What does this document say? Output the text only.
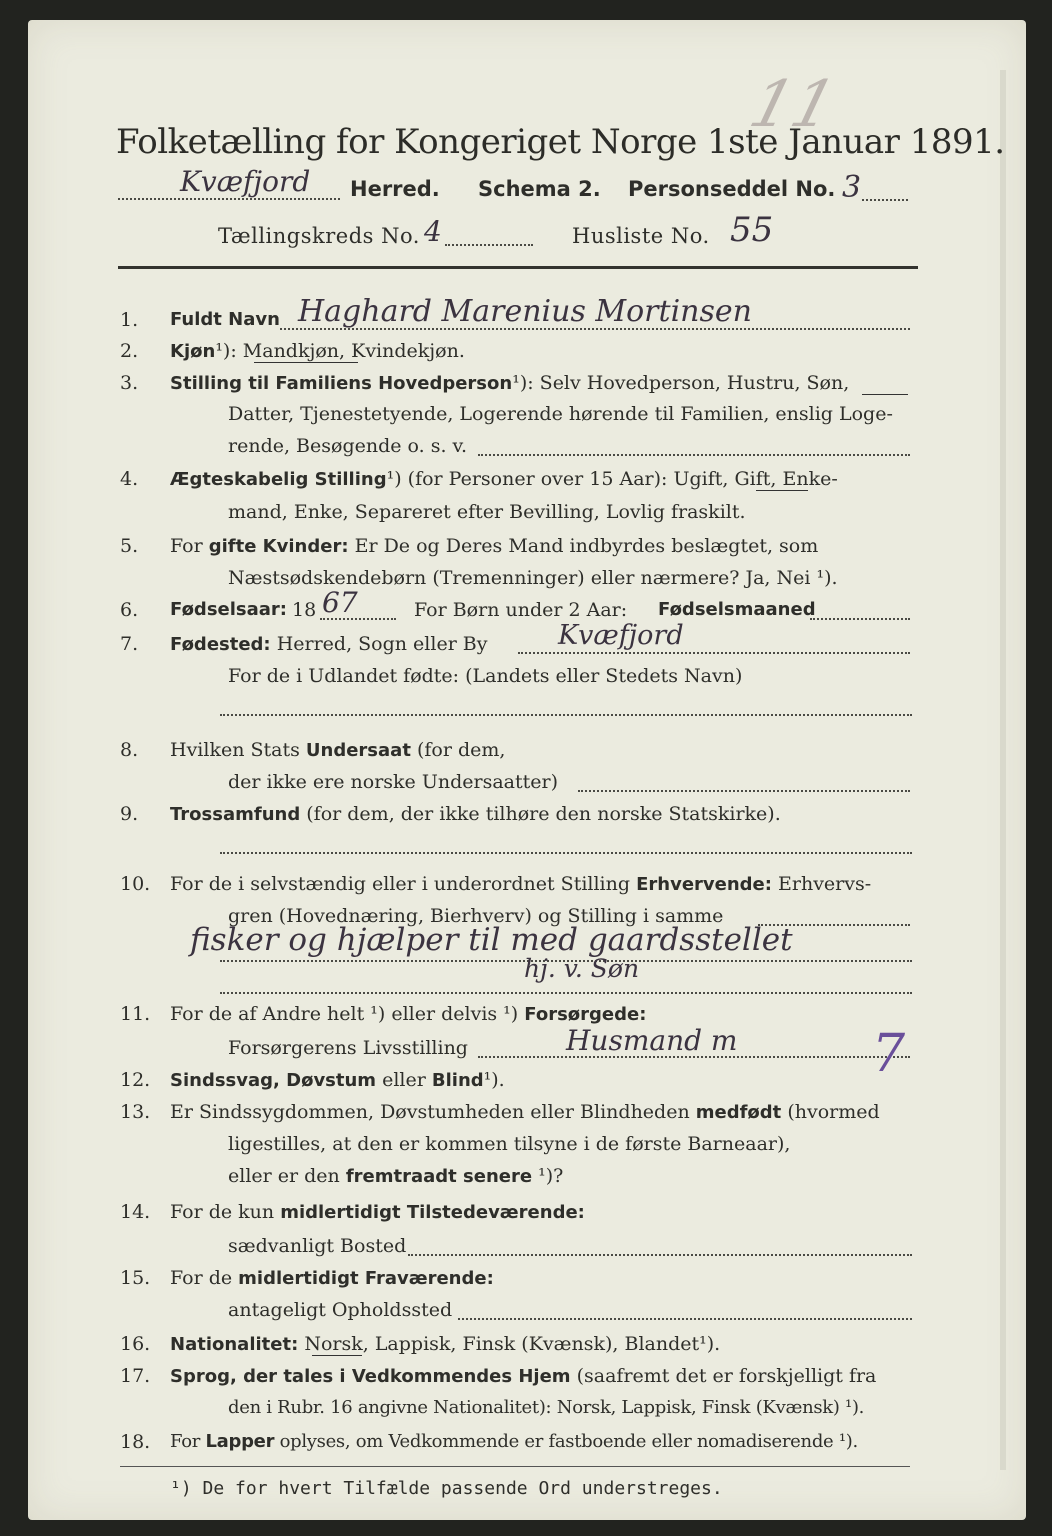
11
Folketælling for Kongeriget Norge 1ste Januar 1891.
Kvæfjord Herred. Schema 2. Personseddel No. 3
Tællingskreds No. 4	Husliste No. 55
1. Fuldt Navn Haghard Marenius Mortinsen
2. Kjøn¹): Mandkjøn, Kvindekjøn.
3. Stilling til Familiens Hovedperson¹): Selv Hovedperson, Hustru, Søn,
Datter, Tjenestetyende, Logerende hørende til Familien, enslig Loge-
rende, Besøgende o. s. v.
4. Ægteskabelig Stilling¹) (for Personer over 15 Aar): Ugift, Gift, Enke-
mand, Enke, Separeret efter Bevilling, Lovlig fraskilt.
5. For gifte Kvinder: Er De og Deres Mand indbyrdes beslægtet, som
Næstsødskendebørn (Tremenninger) eller nærmere? Ja, Nei ¹).
6. Fødselsaar: 18 67	For Børn under 2 Aar: Fødselsmaaned
7. Fødested: Herred, Sogn eller By	Kvæfjord
For de i Udlandet fødte: (Landets eller Stedets Navn)
8. Hvilken Stats Undersaat (for dem,
der ikke ere norske Undersaatter)
9. Trossamfund (for dem, der ikke tilhøre den norske Statskirke).
10. For de i selvstændig eller i underordnet Stilling Erhvervende: Erhvervs-
gren (Hovednæring, Bierhverv) og Stilling i samme
fisker og hjælper til med gaardsstellet
hj. v. Søn
11. For de af Andre helt ¹) eller delvis ¹) Forsørgede:
Forsørgerens Livsstilling	Husmand m	7
12. Sindssvag, Døvstum eller Blind¹).
13. Er Sindssygdommen, Døvstumheden eller Blindheden medfødt (hvormed
ligestilles, at den er kommen tilsyne i de første Barneaar),
eller er den fremtraadt senere ¹)?
14. For de kun midlertidigt Tilstedeværende:
sædvanligt Bosted
15. For de midlertidigt Fraværende:
antageligt Opholdssted
16. Nationalitet: Norsk, Lappisk, Finsk (Kvænsk), Blandet¹).
17. Sprog, der tales i Vedkommendes Hjem (saafremt det er forskjelligt fra
den i Rubr. 16 angivne Nationalitet): Norsk, Lappisk, Finsk (Kvænsk) ¹).
18. For Lapper oplyses, om Vedkommende er fastboende eller nomadiserende ¹).
¹) De for hvert Tilfælde passende Ord understreges.
